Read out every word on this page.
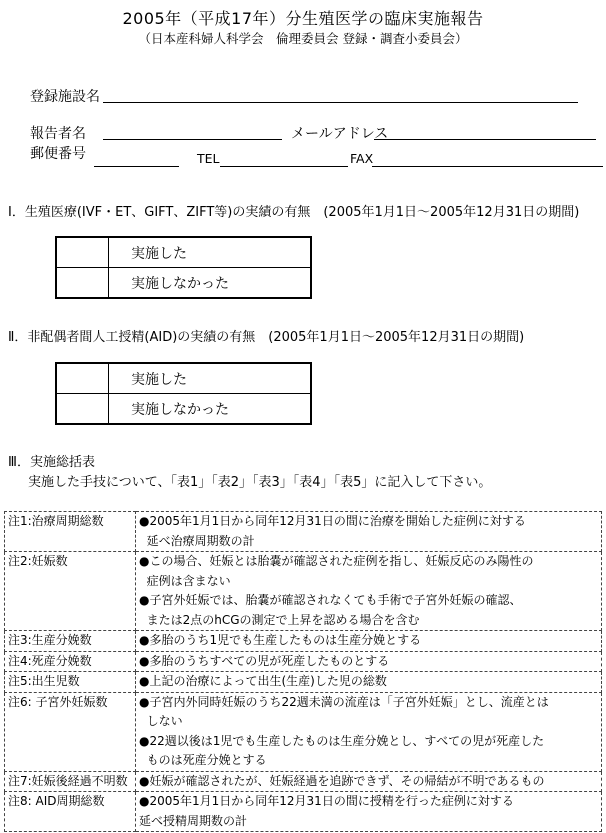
2005年（平成17年）分生殖医学の臨床実施報告
（日本産科婦人科学会　倫理委員会 登録・調査小委員会）
登録施設名
報告者名	メールアドレス
郵便番号	TEL	FAX
Ⅰ．生殖医療(IVF・ET、GIFT、ZIFT等)の実績の有無　(2005年1月1日～2005年12月31日の期間)
	実施した
	実施しなかった
Ⅱ．非配偶者間人工授精(AID)の実績の有無　(2005年1月1日～2005年12月31日の期間)
	実施した
	実施しなかった
Ⅲ．実施総括表
実施した手技について、「表1」「表2」「表3」「表4」「表5」に記入して下さい。
注1:治療周期総数	●2005年1月1日から同年12月31日の間に治療を開始した症例に対する
延べ治療周期数の計

注2:妊娠数	●この場合、妊娠とは胎嚢が確認された症例を指し、妊娠反応のみ陽性の
症例は含まない
●子宮外妊娠では、胎嚢が確認されなくても手術で子宮外妊娠の確認、
または2点のhCGの測定で上昇を認める場合を含む

注3:生産分娩数	●多胎のうち1児でも生産したものは生産分娩とする

注4:死産分娩数	●多胎のうちすべての児が死産したものとする

注5:出生児数	●上記の治療によって出生(生産)した児の総数

注6: 子宮外妊娠数	●子宮内外同時妊娠のうち22週未満の流産は「子宮外妊娠」とし、流産とは
しない
●22週以後は1児でも生産したものは生産分娩とし、すべての児が死産した
ものは死産分娩とする

注7:妊娠後経過不明数	●妊娠が確認されたが、妊娠経過を追跡できず、その帰結が不明であるもの

注8: AID周期総数	●2005年1月1日から同年12月31日の間に授精を行った症例に対する
延べ授精周期数の計
